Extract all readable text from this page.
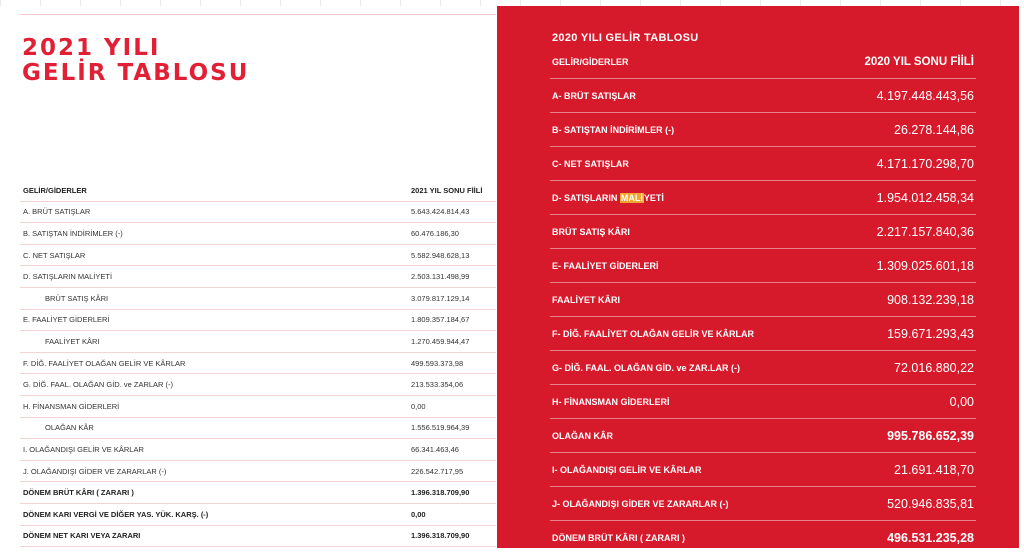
2021 YILI
GELİR TABLOSU
GELİR/GİDERLER	2021 YIL SONU FİİLİ
A. BRÜT SATIŞLAR	5.643.424.814,43
B. SATIŞTAN İNDİRİMLER (-)	60.476.186,30
C. NET SATIŞLAR	5.582.948.628,13
D. SATIŞLARIN MALİYETİ	2.503.131.498,99
BRÜT SATIŞ KÂRI	3.079.817.129,14
E. FAALİYET GİDERLERİ	1.809.357.184,67
FAALİYET KÂRI	1.270.459.944,47
F. DİĞ. FAALİYET OLAĞAN GELİR VE KÂRLAR	499.593.373,98
G. DİĞ. FAAL. OLAĞAN GİD. ve ZARLAR (-)	213.533.354,06
H. FİNANSMAN GİDERLERİ	0,00
OLAĞAN KÂR	1.556.519.964,39
I. OLAĞANDIŞI GELİR VE KÂRLAR	66.341.463,46
J. OLAĞANDIŞI GİDER VE ZARARLAR (-)	226.542.717,95
DÖNEM BRÜT KÂRI ( ZARARI )	1.396.318.709,90
DÖNEM KARI VERGİ VE DİĞER YAS. YÜK. KARŞ. (-)	0,00
DÖNEM NET KARI VEYA ZARARI	1.396.318.709,90
2020 YILI GELİR TABLOSU
GELİR/GİDERLER	2020 YIL SONU FİİLİ
A- BRÜT SATIŞLAR	4.197.448.443,56
B- SATIŞTAN İNDİRİMLER (-)	26.278.144,86
C- NET SATIŞLAR	4.171.170.298,70
D- SATIŞLARIN MALİYETİ	1.954.012.458,34
BRÜT SATIŞ KÂRI	2.217.157.840,36
E- FAALİYET GİDERLERİ	1.309.025.601,18
FAALİYET KÂRI	908.132.239,18
F- DİĞ. FAALİYET OLAĞAN GELİR VE KÂRLAR	159.671.293,43
G- DİĞ. FAAL. OLAĞAN GİD. ve ZAR.LAR (-)	72.016.880,22
H- FİNANSMAN GİDERLERİ	0,00
OLAĞAN KÂR	995.786.652,39
I- OLAĞANDIŞI GELİR VE KÂRLAR	21.691.418,70
J- OLAĞANDIŞI GİDER VE ZARARLAR (-)	520.946.835,81
DÖNEM BRÜT KÂRI ( ZARARI )	496.531.235,28
